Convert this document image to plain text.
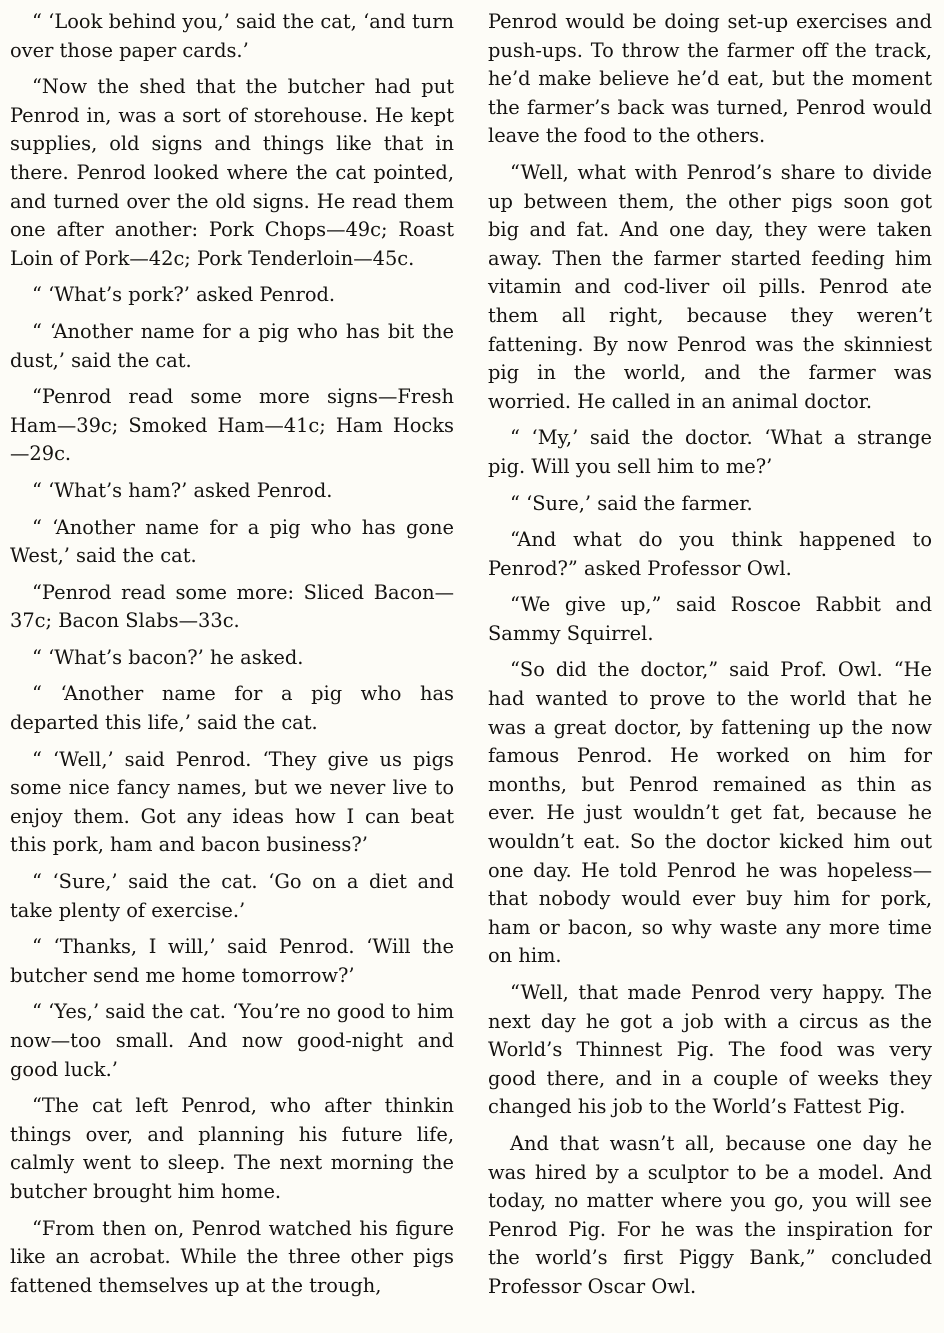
“ ‘Look behind you,’ said the cat, ‘and turn over those paper cards.’

“Now the shed that the butcher had put Penrod in, was a sort of storehouse. He kept supplies, old signs and things like that in there. Penrod looked where the cat pointed, and turned over the old signs. He read them one after another: Pork Chops—49c; Roast Loin of Pork—42c; Pork Tenderloin—45c.

“ ‘What’s pork?’ asked Penrod.

“ ‘Another name for a pig who has bit the dust,’ said the cat.

“Penrod read some more signs—Fresh Ham—39c; Smoked Ham—41c; Ham Hocks—29c.

“ ‘What’s ham?’ asked Penrod.

“ ‘Another name for a pig who has gone West,’ said the cat.

“Penrod read some more: Sliced Bacon—37c; Bacon Slabs—33c.

“ ‘What’s bacon?’ he asked.

“ ‘Another name for a pig who has departed this life,’ said the cat.

“ ‘Well,’ said Penrod. ‘They give us pigs some nice fancy names, but we never live to enjoy them. Got any ideas how I can beat this pork, ham and bacon business?’

“ ‘Sure,’ said the cat. ‘Go on a diet and take plenty of exercise.’

“ ‘Thanks, I will,’ said Penrod. ‘Will the butcher send me home tomorrow?’

“ ‘Yes,’ said the cat. ‘You’re no good to him now—too small. And now good-night and good luck.’

“The cat left Penrod, who after thinkin things over, and planning his future life, calmly went to sleep. The next morning the butcher brought him home.

“From then on, Penrod watched his figure like an acrobat. While the three other pigs fattened themselves up at the trough,

Penrod would be doing set-up exercises and push-ups. To throw the farmer off the track, he’d make believe he’d eat, but the moment the farmer’s back was turned, Penrod would leave the food to the others.

“Well, what with Penrod’s share to divide up between them, the other pigs soon got big and fat. And one day, they were taken away. Then the farmer started feeding him vitamin and cod-liver oil pills. Penrod ate them all right, because they weren’t fattening. By now Penrod was the skinniest pig in the world, and the farmer was worried. He called in an animal doctor.

“ ‘My,’ said the doctor. ‘What a strange pig. Will you sell him to me?’

“ ‘Sure,’ said the farmer.

“And what do you think happened to Penrod?” asked Professor Owl.

“We give up,” said Roscoe Rabbit and Sammy Squirrel.

“So did the doctor,” said Prof. Owl. “He had wanted to prove to the world that he was a great doctor, by fattening up the now famous Penrod. He worked on him for months, but Penrod remained as thin as ever. He just wouldn’t get fat, because he wouldn’t eat. So the doctor kicked him out one day. He told Penrod he was hopeless—that nobody would ever buy him for pork, ham or bacon, so why waste any more time on him.

“Well, that made Penrod very happy. The next day he got a job with a circus as the World’s Thinnest Pig. The food was very good there, and in a couple of weeks they changed his job to the World’s Fattest Pig.

And that wasn’t all, because one day he was hired by a sculptor to be a model. And today, no matter where you go, you will see Penrod Pig. For he was the inspiration for the world’s first Piggy Bank,” concluded Professor Oscar Owl.
